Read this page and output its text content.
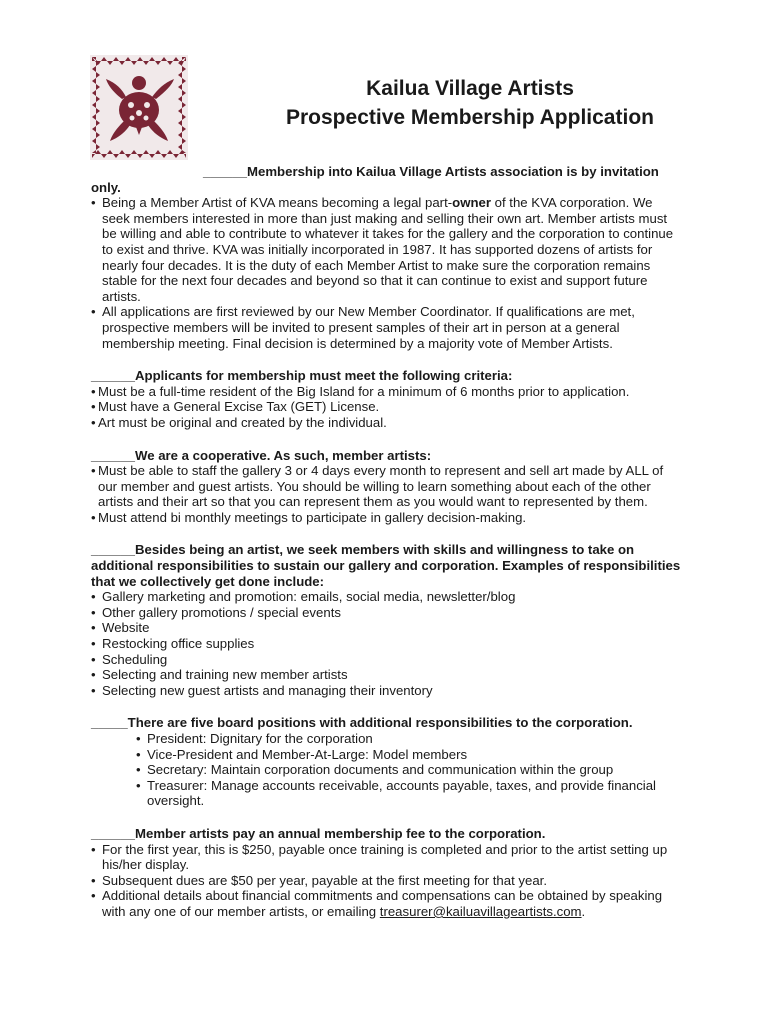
Kailua Village Artists

Prospective Membership Application

______Membership into Kailua Village Artists association is by invitation only.

• Being a Member Artist of KVA means becoming a legal part-owner of the KVA corporation. We seek members interested in more than just making and selling their own art. Member artists must be willing and able to contribute to whatever it takes for the gallery and the corporation to continue to exist and thrive. KVA was initially incorporated in 1987. It has supported dozens of artists for nearly four decades. It is the duty of each Member Artist to make sure the corporation remains stable for the next four decades and beyond so that it can continue to exist and support future artists.
• All applications are first reviewed by our New Member Coordinator. If qualifications are met, prospective members will be invited to present samples of their art in person at a general membership meeting. Final decision is determined by a majority vote of Member Artists.

______Applicants for membership must meet the following criteria:

• Must be a full-time resident of the Big Island for a minimum of 6 months prior to application.
• Must have a General Excise Tax (GET) License.
• Art must be original and created by the individual.

______We are a cooperative. As such, member artists:

• Must be able to staff the gallery 3 or 4 days every month to represent and sell art made by ALL of our member and guest artists. You should be willing to learn something about each of the other artists and their art so that you can represent them as you would want to represented by them.
• Must attend bi monthly meetings to participate in gallery decision-making.

______Besides being an artist, we seek members with skills and willingness to take on additional responsibilities to sustain our gallery and corporation. Examples of responsibilities that we collectively get done include:

• Gallery marketing and promotion: emails, social media, newsletter/blog
• Other gallery promotions / special events
• Website
• Restocking office supplies
• Scheduling
• Selecting and training new member artists
• Selecting new guest artists and managing their inventory

_____There are five board positions with additional responsibilities to the corporation.

• President: Dignitary for the corporation
• Vice-President and Member-At-Large: Model members
• Secretary: Maintain corporation documents and communication within the group
• Treasurer: Manage accounts receivable, accounts payable, taxes, and provide financial oversight.

______Member artists pay an annual membership fee to the corporation.

• For the first year, this is $250, payable once training is completed and prior to the artist setting up his/her display.
• Subsequent dues are $50 per year, payable at the first meeting for that year.
• Additional details about financial commitments and compensations can be obtained by speaking with any one of our member artists, or emailing treasurer@kailuavillageartists.com.
